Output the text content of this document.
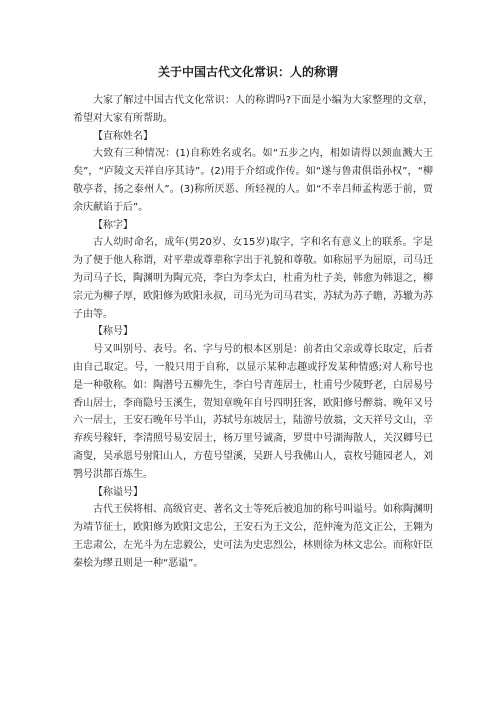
关于中国古代文化常识：人的称谓

大家了解过中国古代文化常识：人的称谓吗?下面是小编为大家整理的文章，希望对大家有所帮助。

【直称姓名】

大致有三种情况：(1)自称姓名或名。如“五步之内，相如请得以颈血溅大王矣”，“庐陵文天祥自序其诗”。(2)用于介绍或作传。如“遂与鲁肃俱诣孙权”，“柳敬亭者，扬之泰州人”。(3)称所厌恶、所轻视的人。如“不幸吕师孟构恶于前，贾余庆献谄于后”。

【称字】

古人幼时命名，成年(男20岁、女15岁)取字，字和名有意义上的联系。字是为了便于他人称谓，对平辈或尊辈称字出于礼貌和尊敬。如称屈平为屈原，司马迁为司马子长，陶渊明为陶元亮，李白为李太白，杜甫为杜子美，韩愈为韩退之，柳宗元为柳子厚，欧阳修为欧阳永叔，司马光为司马君实，苏轼为苏子瞻，苏辙为苏子由等。

【称号】

号又叫别号、表号。名、字与号的根本区别是：前者由父亲或尊长取定，后者由自己取定。号，一般只用于自称，以显示某种志趣或抒发某种情感;对人称号也是一种敬称。如：陶潜号五柳先生，李白号青莲居士，杜甫号少陵野老，白居易号香山居士，李商隐号玉溪生，贺知章晚年自号四明狂客，欧阳修号醉翁、晚年又号六一居士，王安石晚年号半山，苏轼号东坡居士，陆游号放翁，文天祥号文山，辛弃疾号稼轩，李清照号易安居士，杨万里号诚斋，罗贯中号湖海散人，关汉卿号已斋叟，吴承恩号射阳山人，方苞号望溪，吴趼人号我佛山人，袁枚号随园老人，刘鹗号洪都百炼生。

【称谥号】

古代王侯将相、高级官吏、著名文士等死后被追加的称号叫谥号。如称陶渊明为靖节征士，欧阳修为欧阳文忠公，王安石为王文公，范仲淹为范文正公，王翱为王忠肃公，左光斗为左忠毅公，史可法为史忠烈公，林则徐为林文忠公。而称奸臣秦桧为缪丑则是一种“恶谥”。
